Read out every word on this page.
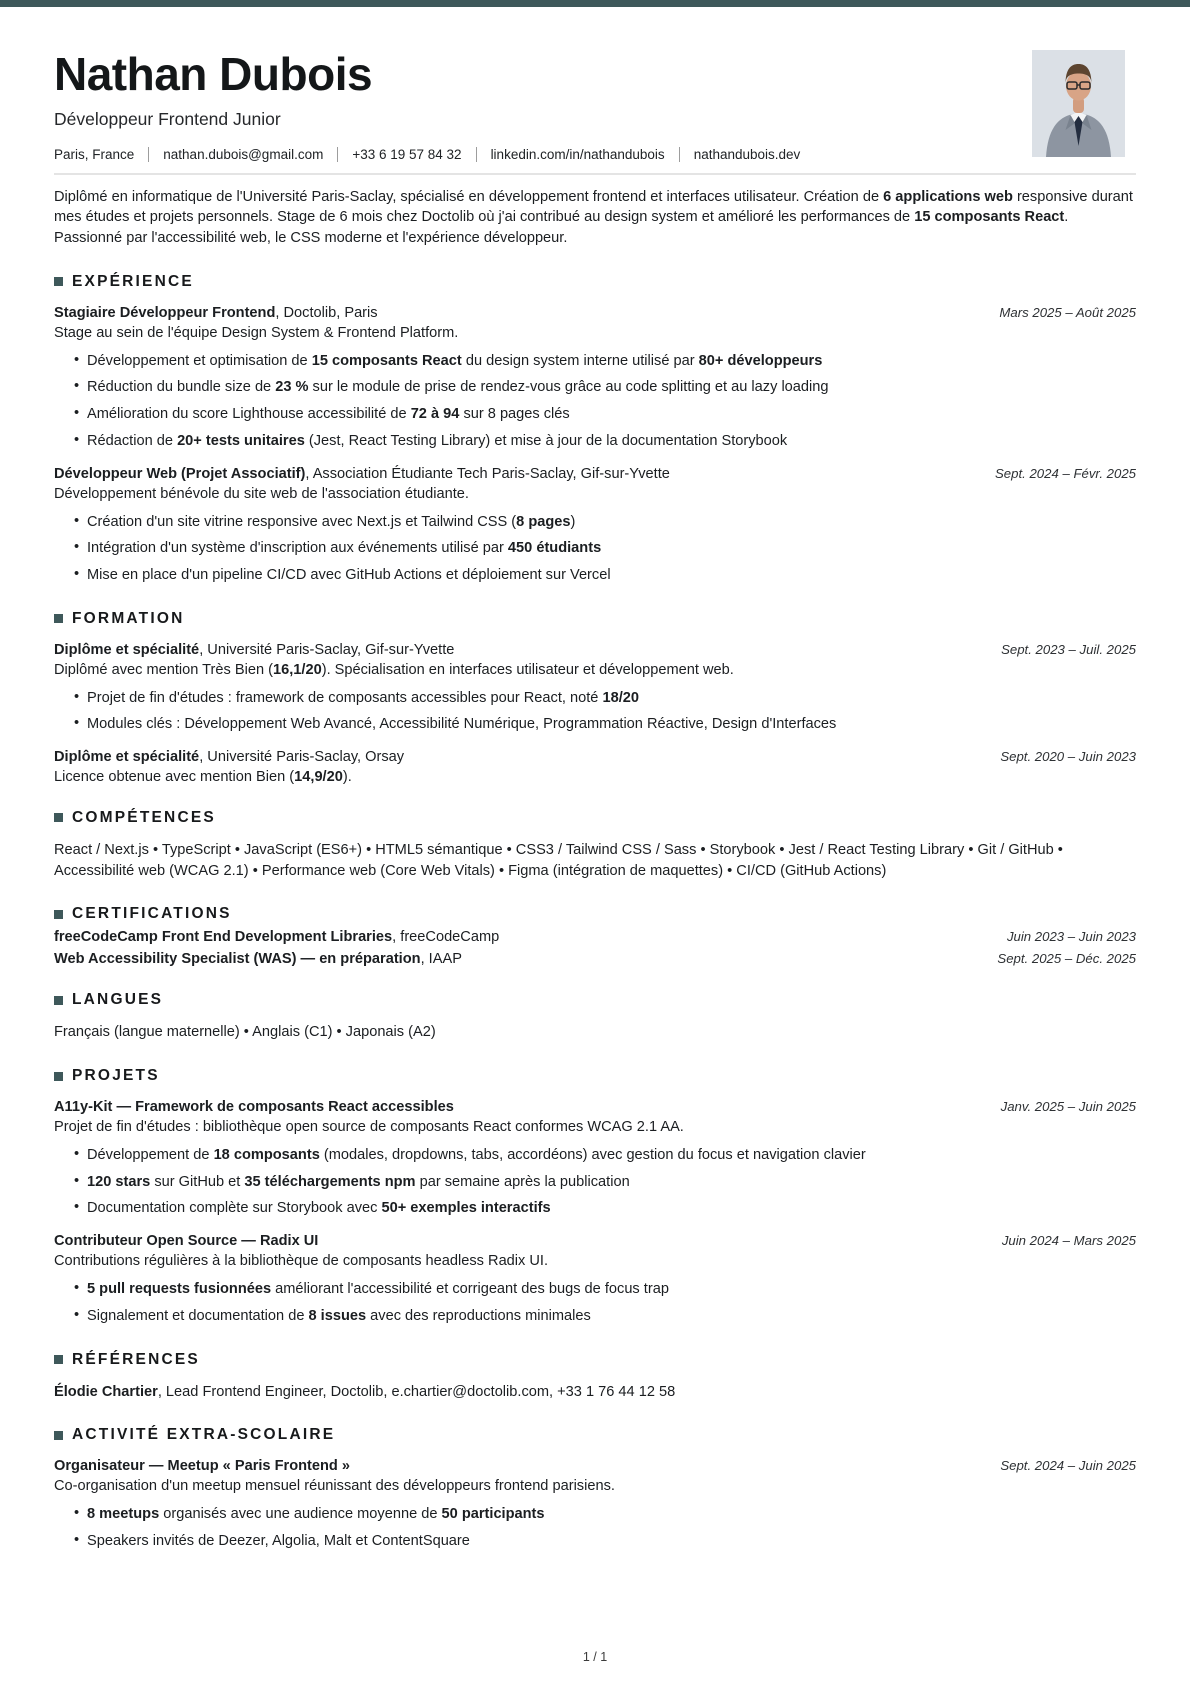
Nathan Dubois
Développeur Frontend Junior
Paris, France nathan.dubois@gmail.com +33 6 19 57 84 32 linkedin.com/in/nathandubois nathandubois.dev

Diplômé en informatique de l'Université Paris-Saclay, spécialisé en développement frontend et interfaces utilisateur. Création de 6 applications web responsive durant mes études et projets personnels. Stage de 6 mois chez Doctolib où j'ai contribué au design system et amélioré les performances de 15 composants React. Passionné par l'accessibilité web, le CSS moderne et l'expérience développeur.

EXPÉRIENCE
Stagiaire Développeur Frontend, Doctolib, Paris	Mars 2025 – Août 2025
Stage au sein de l'équipe Design System & Frontend Platform.
• Développement et optimisation de 15 composants React du design system interne utilisé par 80+ développeurs
• Réduction du bundle size de 23 % sur le module de prise de rendez-vous grâce au code splitting et au lazy loading
• Amélioration du score Lighthouse accessibilité de 72 à 94 sur 8 pages clés
• Rédaction de 20+ tests unitaires (Jest, React Testing Library) et mise à jour de la documentation Storybook
Développeur Web (Projet Associatif), Association Étudiante Tech Paris-Saclay, Gif-sur-Yvette	Sept. 2024 – Févr. 2025
Développement bénévole du site web de l'association étudiante.
• Création d'un site vitrine responsive avec Next.js et Tailwind CSS (8 pages)
• Intégration d'un système d'inscription aux événements utilisé par 450 étudiants
• Mise en place d'un pipeline CI/CD avec GitHub Actions et déploiement sur Vercel
FORMATION
Diplôme et spécialité, Université Paris-Saclay, Gif-sur-Yvette	Sept. 2023 – Juil. 2025
Diplômé avec mention Très Bien (16,1/20). Spécialisation en interfaces utilisateur et développement web.
• Projet de fin d'études : framework de composants accessibles pour React, noté 18/20
• Modules clés : Développement Web Avancé, Accessibilité Numérique, Programmation Réactive, Design d'Interfaces
Diplôme et spécialité, Université Paris-Saclay, Orsay	Sept. 2020 – Juin 2023
Licence obtenue avec mention Bien (14,9/20).
COMPÉTENCES

React / Next.js • TypeScript • JavaScript (ES6+) • HTML5 sémantique • CSS3 / Tailwind CSS / Sass • Storybook • Jest / React Testing Library • Git / GitHub • Accessibilité web (WCAG 2.1) • Performance web (Core Web Vitals) • Figma (intégration de maquettes) • CI/CD (GitHub Actions)

CERTIFICATIONS
freeCodeCamp Front End Development Libraries, freeCodeCamp	Juin 2023 – Juin 2023
Web Accessibility Specialist (WAS) — en préparation, IAAP	Sept. 2025 – Déc. 2025
LANGUES

Français (langue maternelle) • Anglais (C1) • Japonais (A2)

PROJETS
A11y-Kit — Framework de composants React accessibles	Janv. 2025 – Juin 2025
Projet de fin d'études : bibliothèque open source de composants React conformes WCAG 2.1 AA.
• Développement de 18 composants (modales, dropdowns, tabs, accordéons) avec gestion du focus et navigation clavier
• 120 stars sur GitHub et 35 téléchargements npm par semaine après la publication
• Documentation complète sur Storybook avec 50+ exemples interactifs
Contributeur Open Source — Radix UI	Juin 2024 – Mars 2025
Contributions régulières à la bibliothèque de composants headless Radix UI.
• 5 pull requests fusionnées améliorant l'accessibilité et corrigeant des bugs de focus trap
• Signalement et documentation de 8 issues avec des reproductions minimales
RÉFÉRENCES

Élodie Chartier, Lead Frontend Engineer, Doctolib, e.chartier@doctolib.com, +33 1 76 44 12 58

ACTIVITÉ EXTRA-SCOLAIRE
Organisateur — Meetup « Paris Frontend »	Sept. 2024 – Juin 2025
Co-organisation d'un meetup mensuel réunissant des développeurs frontend parisiens.
• 8 meetups organisés avec une audience moyenne de 50 participants
• Speakers invités de Deezer, Algolia, Malt et ContentSquare
1 / 1
